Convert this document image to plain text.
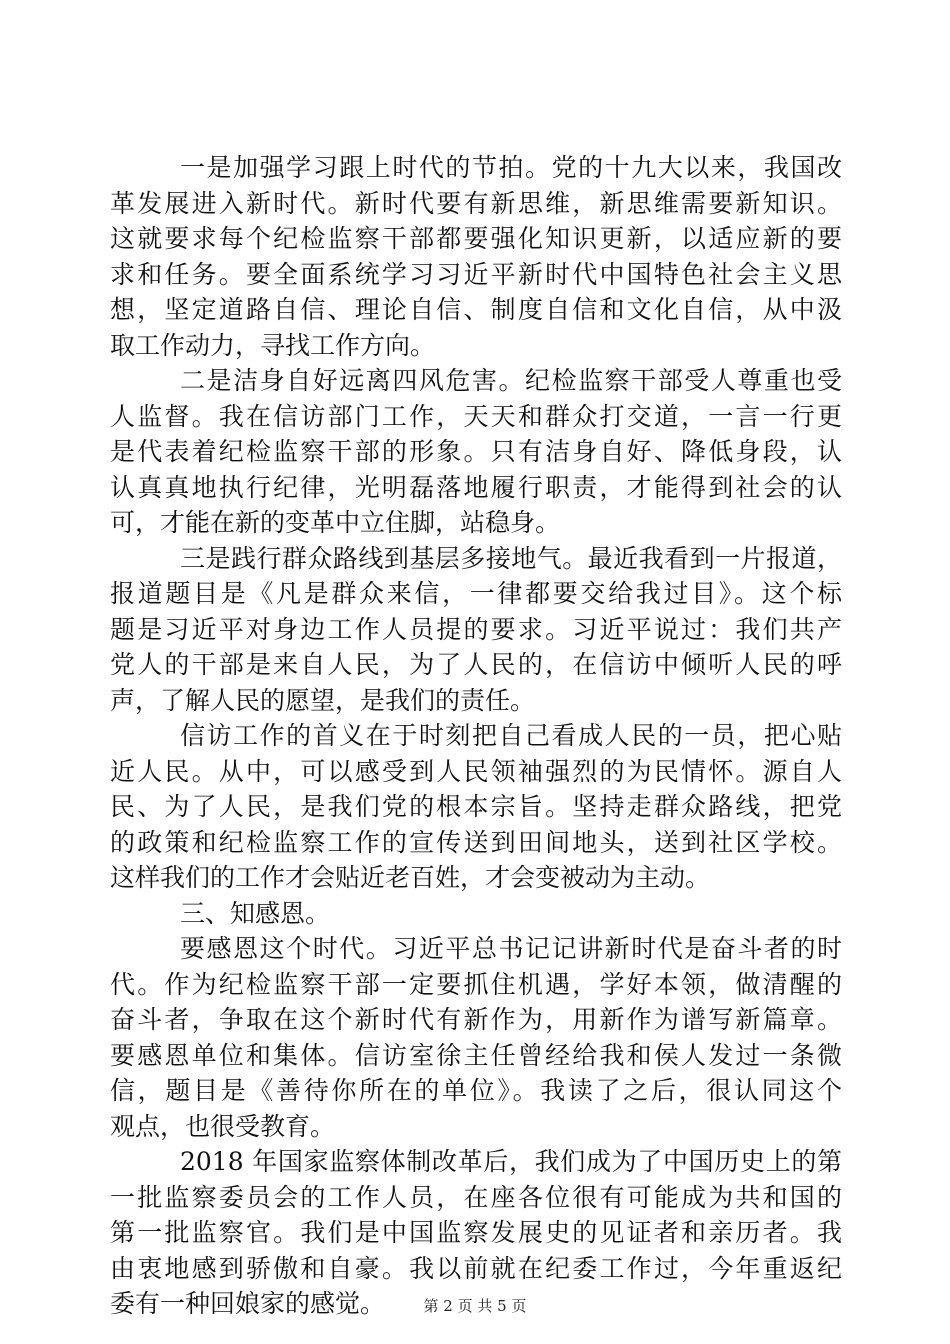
一是加强学习跟上时代的节拍。党的十九大以来，我国改
革发展进入新时代。新时代要有新思维，新思维需要新知识。
这就要求每个纪检监察干部都要强化知识更新，以适应新的要
求和任务。要全面系统学习习近平新时代中国特色社会主义思
想，坚定道路自信、理论自信、制度自信和文化自信，从中汲
取工作动力，寻找工作方向。
二是洁身自好远离四风危害。纪检监察干部受人尊重也受
人监督。我在信访部门工作，天天和群众打交道，一言一行更
是代表着纪检监察干部的形象。只有洁身自好、降低身段，认
认真真地执行纪律，光明磊落地履行职责，才能得到社会的认
可，才能在新的变革中立住脚，站稳身。
三是践行群众路线到基层多接地气。最近我看到一片报道，
报道题目是《凡是群众来信，一律都要交给我过目》。这个标
题是习近平对身边工作人员提的要求。习近平说过：我们共产
党人的干部是来自人民，为了人民的，在信访中倾听人民的呼
声，了解人民的愿望，是我们的责任。
信访工作的首义在于时刻把自己看成人民的一员，把心贴
近人民。从中，可以感受到人民领袖强烈的为民情怀。源自人
民、为了人民，是我们党的根本宗旨。坚持走群众路线，把党
的政策和纪检监察工作的宣传送到田间地头，送到社区学校。
这样我们的工作才会贴近老百姓，才会变被动为主动。
三、知感恩。
要感恩这个时代。习近平总书记记讲新时代是奋斗者的时
代。作为纪检监察干部一定要抓住机遇，学好本领，做清醒的
奋斗者，争取在这个新时代有新作为，用新作为谱写新篇章。
要感恩单位和集体。信访室徐主任曾经给我和侯人发过一条微
信，题目是《善待你所在的单位》。我读了之后，很认同这个
观点，也很受教育。
2018 年国家监察体制改革后，我们成为了中国历史上的第
一批监察委员会的工作人员，在座各位很有可能成为共和国的
第一批监察官。我们是中国监察发展史的见证者和亲历者。我
由衷地感到骄傲和自豪。我以前就在纪委工作过，今年重返纪
委有一种回娘家的感觉。	第 2 页 共 5 页
